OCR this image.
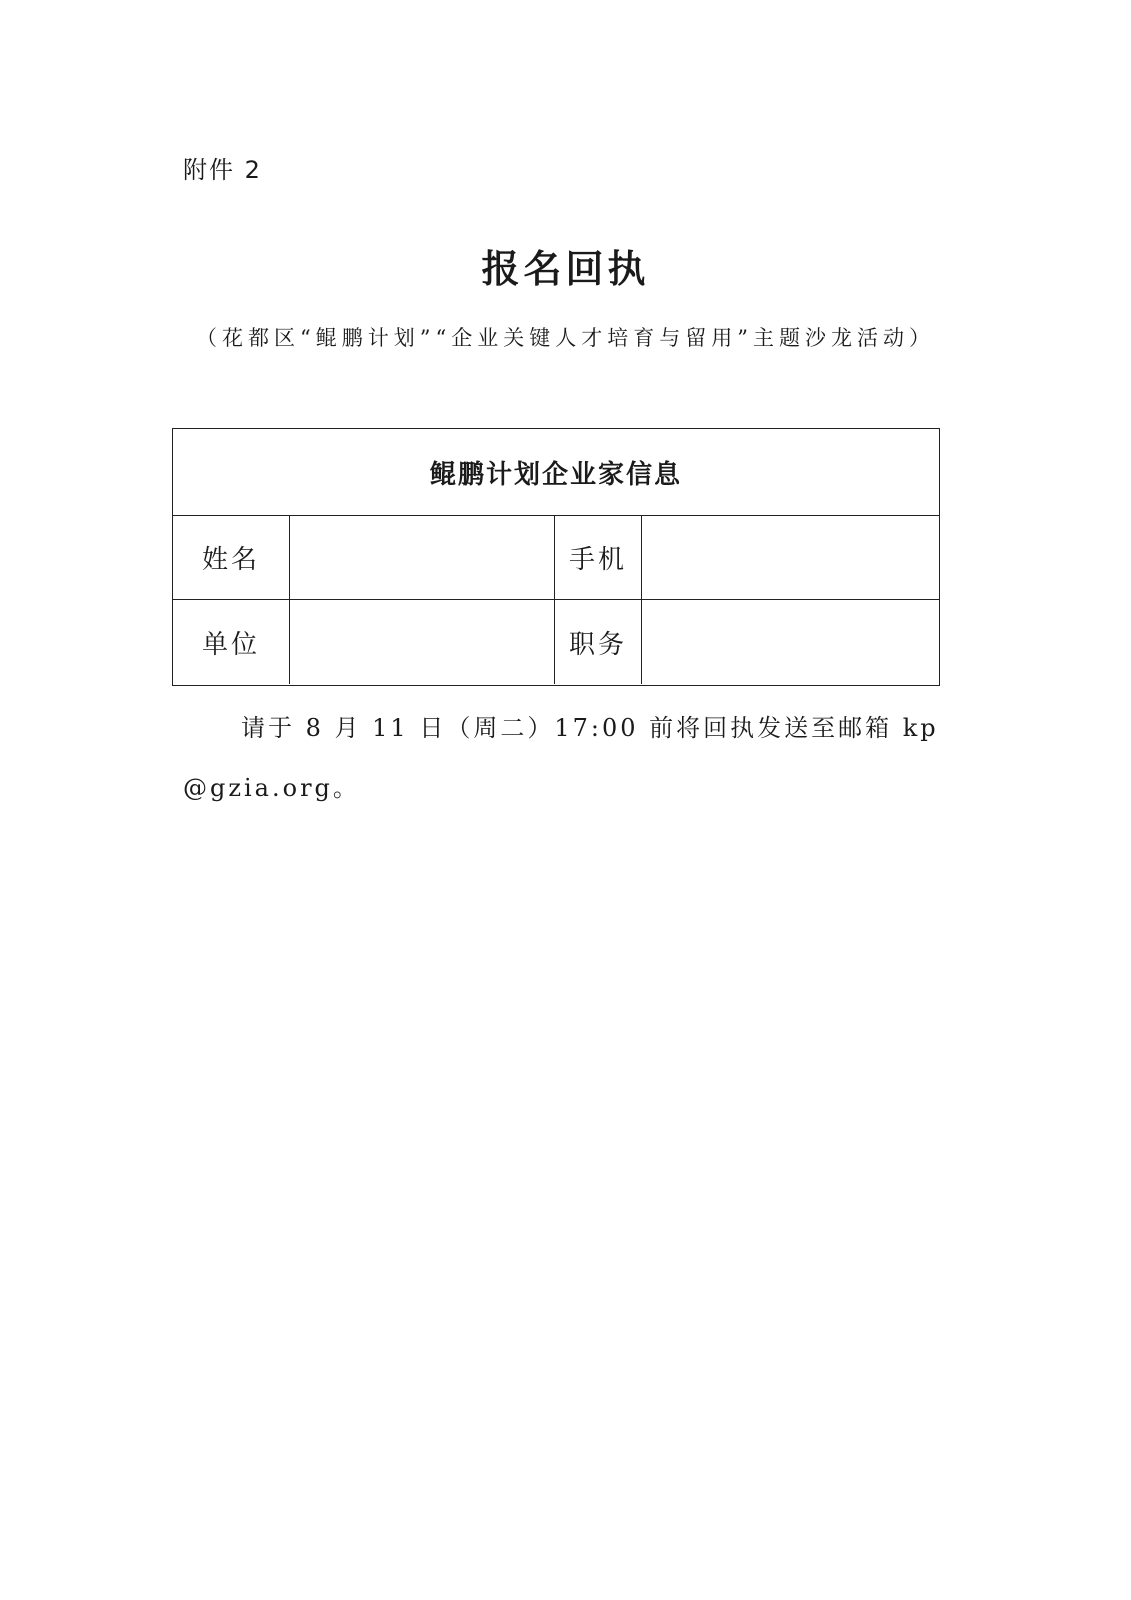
附件 2
报名回执
（花都区“鲲鹏计划”“企业关键人才培育与留用”主题沙龙活动）
鲲鹏计划企业家信息
姓名	手机
单位	职务
请于 8 月 11 日（周二）17:00 前将回执发送至邮箱 kp@gzia.org。
